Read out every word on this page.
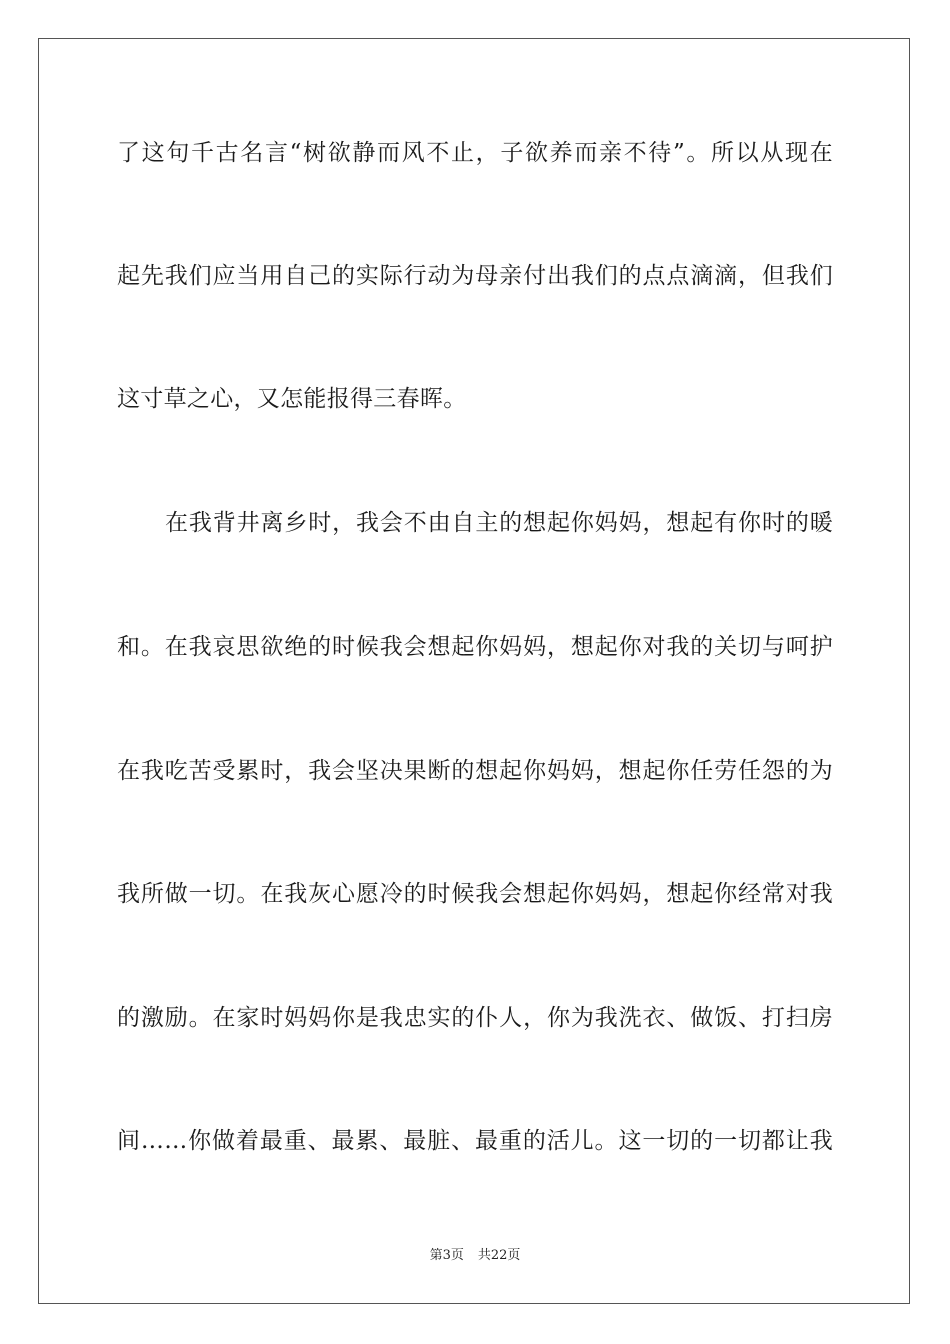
了这句千古名言“树欲静而风不止，子欲养而亲不待”。所以从现在
起先我们应当用自己的实际行动为母亲付出我们的点点滴滴，但我们
这寸草之心，又怎能报得三春晖。
在我背井离乡时，我会不由自主的想起你妈妈，想起有你时的暖
和。在我哀思欲绝的时候我会想起你妈妈，想起你对我的关切与呵护
在我吃苦受累时，我会坚决果断的想起你妈妈，想起你任劳任怨的为
我所做一切。在我灰心愿冷的时候我会想起你妈妈，想起你经常对我
的激励。在家时妈妈你是我忠实的仆人，你为我洗衣、做饭、打扫房
间……你做着最重、最累、最脏、最重的活儿。这一切的一切都让我
第3页 共22页
